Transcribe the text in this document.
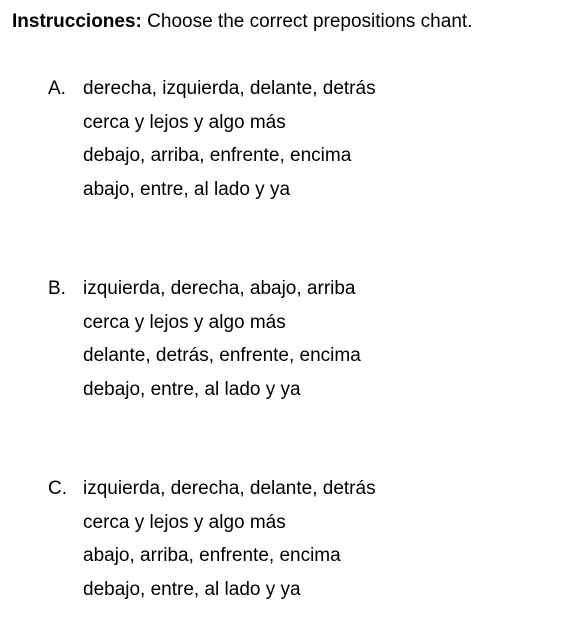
Instrucciones: Choose the correct prepositions chant.
A. derecha, izquierda, delante, detrás
cerca y lejos y algo más
debajo, arriba, enfrente, encima
abajo, entre, al lado y ya
B. izquierda, derecha, abajo, arriba
cerca y lejos y algo más
delante, detrás, enfrente, encima
debajo, entre, al lado y ya
C. izquierda, derecha, delante, detrás
cerca y lejos y algo más
abajo, arriba, enfrente, encima
debajo, entre, al lado y ya
